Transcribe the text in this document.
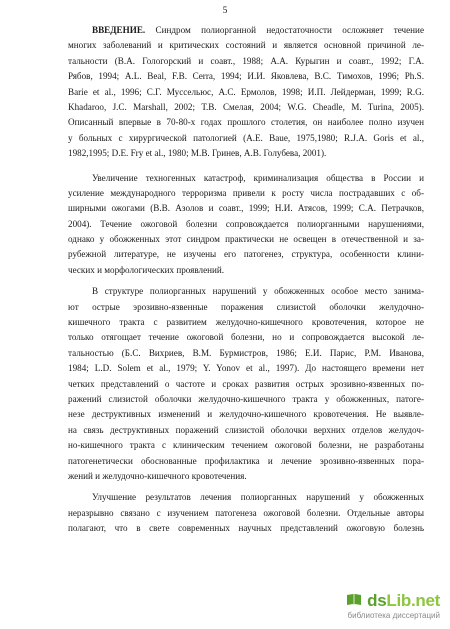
5
ВВЕДЕНИЕ. Синдром полиорганной недостаточности осложняет течение
многих заболеваний и критических состояний и является основной причиной ле-
тальности (В.А. Гологорский и соавт., 1988; А.А. Курыгин и соавт., 1992; Г.А.
Рябов, 1994; A.L. Beal, F.B. Cerra, 1994; И.И. Яковлева, В.С. Тимохов, 1996; Ph.S.
Barie et al., 1996; С.Г. Муссельюс, А.С. Ермолов, 1998; И.П. Лейдерман, 1999; R.G.
Khadaroo, J.C. Marshall, 2002; Т.В. Смелая, 2004; W.G. Cheadle, M. Turina, 2005).
Описанный впервые в 70-80-х годах прошлого столетия, он наиболее полно изучен
у больных с хирургической патологией (A.E. Baue, 1975,1980; R.J.A. Goris et al.,
1982,1995; D.E. Fry et al., 1980; М.В. Гринев, А.В. Голубева, 2001).
Увеличение техногенных катастроф, криминализация общества в России и
усиление международного терроризма привели к росту числа пострадавших с об-
ширными ожогами (В.В. Азолов и соавт., 1999; Н.И. Атясов, 1999; С.А. Петрачков,
2004). Течение ожоговой болезни сопровождается полиорганными нарушениями,
однако у обожженных этот синдром практически не освещен в отечественной и за-
рубежной литературе, не изучены его патогенез, структура, особенности клини-
ческих и морфологических проявлений.
В структуре полиорганных нарушений у обожженных особое место занима-
ют острые эрозивно-язвенные поражения слизистой оболочки желудочно-
кишечного тракта с развитием желудочно-кишечного кровотечения, которое не
только отягощает течение ожоговой болезни, но и сопровождается высокой ле-
тальностью (Б.С. Вихриев, В.М. Бурмистров, 1986; Е.И. Парис, Р.М. Иванова,
1984; L.D. Solem et al., 1979; Y. Yonov et al., 1997). До настоящего времени нет
четких представлений о частоте и сроках развития острых эрозивно-язвенных по-
ражений слизистой оболочки желудочно-кишечного тракта у обожженных, патоге-
незе деструктивных изменений и желудочно-кишечного кровотечения. Не выявле-
на связь деструктивных поражений слизистой оболочки верхних отделов желудоч-
но-кишечного тракта с клиническим течением ожоговой болезни, не разработаны
патогенетически обоснованные профилактика и лечение эрозивно-язвенных пора-
жений и желудочно-кишечного кровотечения.
Улучшение результатов лечения полиорганных нарушений у обожженных
неразрывно связано с изучением патогенеза ожоговой болезни. Отдельные авторы
полагают, что в свете современных научных представлений ожоговую болезнь
dsLib.net
библиотека диссертаций
